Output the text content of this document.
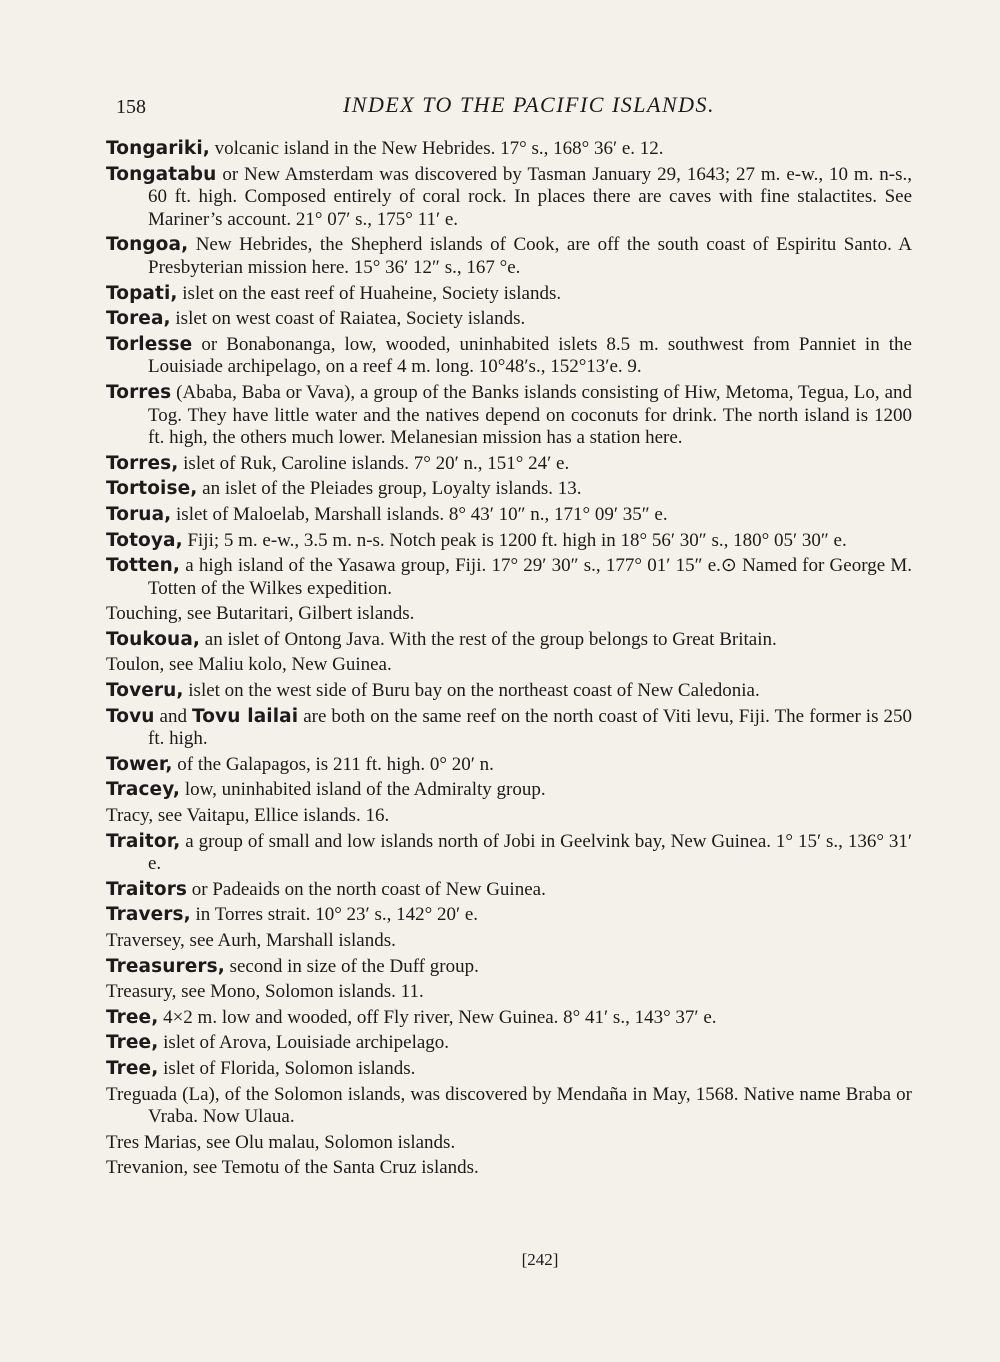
158	INDEX TO THE PACIFIC ISLANDS.
Tongariki, volcanic island in the New Hebrides. 17° s., 168° 36′ e. 12.
Tongatabu or New Amsterdam was discovered by Tasman January 29, 1643; 27 m. e-w., 10 m. n-s., 60 ft. high. Composed entirely of coral rock. In places there are caves with fine stalactites. See Mariner’s account. 21° 07′ s., 175° 11′ e.
Tongoa, New Hebrides, the Shepherd islands of Cook, are off the south coast of Espiritu Santo. A Presbyterian mission here. 15° 36′ 12″ s., 167 °e.
Topati, islet on the east reef of Huaheine, Society islands.
Torea, islet on west coast of Raiatea, Society islands.
Torlesse or Bonabonanga, low, wooded, uninhabited islets 8.5 m. southwest from Panniet in the Louisiade archipelago, on a reef 4 m. long. 10°48′s., 152°13′e. 9.
Torres (Ababa, Baba or Vava), a group of the Banks islands consisting of Hiw, Metoma, Tegua, Lo, and Tog. They have little water and the natives depend on coconuts for drink. The north island is 1200 ft. high, the others much lower. Melanesian mission has a station here.
Torres, islet of Ruk, Caroline islands. 7° 20′ n., 151° 24′ e.
Tortoise, an islet of the Pleiades group, Loyalty islands. 13.
Torua, islet of Maloelab, Marshall islands. 8° 43′ 10″ n., 171° 09′ 35″ e.
Totoya, Fiji; 5 m. e-w., 3.5 m. n-s. Notch peak is 1200 ft. high in 18° 56′ 30″ s., 180° 05′ 30″ e.
Totten, a high island of the Yasawa group, Fiji. 17° 29′ 30″ s., 177° 01′ 15″ e.⊙ Named for George M. Totten of the Wilkes expedition.
Touching, see Butaritari, Gilbert islands.
Toukoua, an islet of Ontong Java. With the rest of the group belongs to Great Britain.
Toulon, see Maliu kolo, New Guinea.
Toveru, islet on the west side of Buru bay on the northeast coast of New Caledonia.
Tovu and Tovu lailai are both on the same reef on the north coast of Viti levu, Fiji. The former is 250 ft. high.
Tower, of the Galapagos, is 211 ft. high. 0° 20′ n.
Tracey, low, uninhabited island of the Admiralty group.
Tracy, see Vaitapu, Ellice islands. 16.
Traitor, a group of small and low islands north of Jobi in Geelvink bay, New Guinea. 1° 15′ s., 136° 31′ e.
Traitors or Padeaids on the north coast of New Guinea.
Travers, in Torres strait. 10° 23′ s., 142° 20′ e.
Traversey, see Aurh, Marshall islands.
Treasurers, second in size of the Duff group.
Treasury, see Mono, Solomon islands. 11.
Tree, 4×2 m. low and wooded, off Fly river, New Guinea. 8° 41′ s., 143° 37′ e.
Tree, islet of Arova, Louisiade archipelago.
Tree, islet of Florida, Solomon islands.
Treguada (La), of the Solomon islands, was discovered by Mendaña in May, 1568. Native name Braba or Vraba. Now Ulaua.
Tres Marias, see Olu malau, Solomon islands.
Trevanion, see Temotu of the Santa Cruz islands.
[242]
